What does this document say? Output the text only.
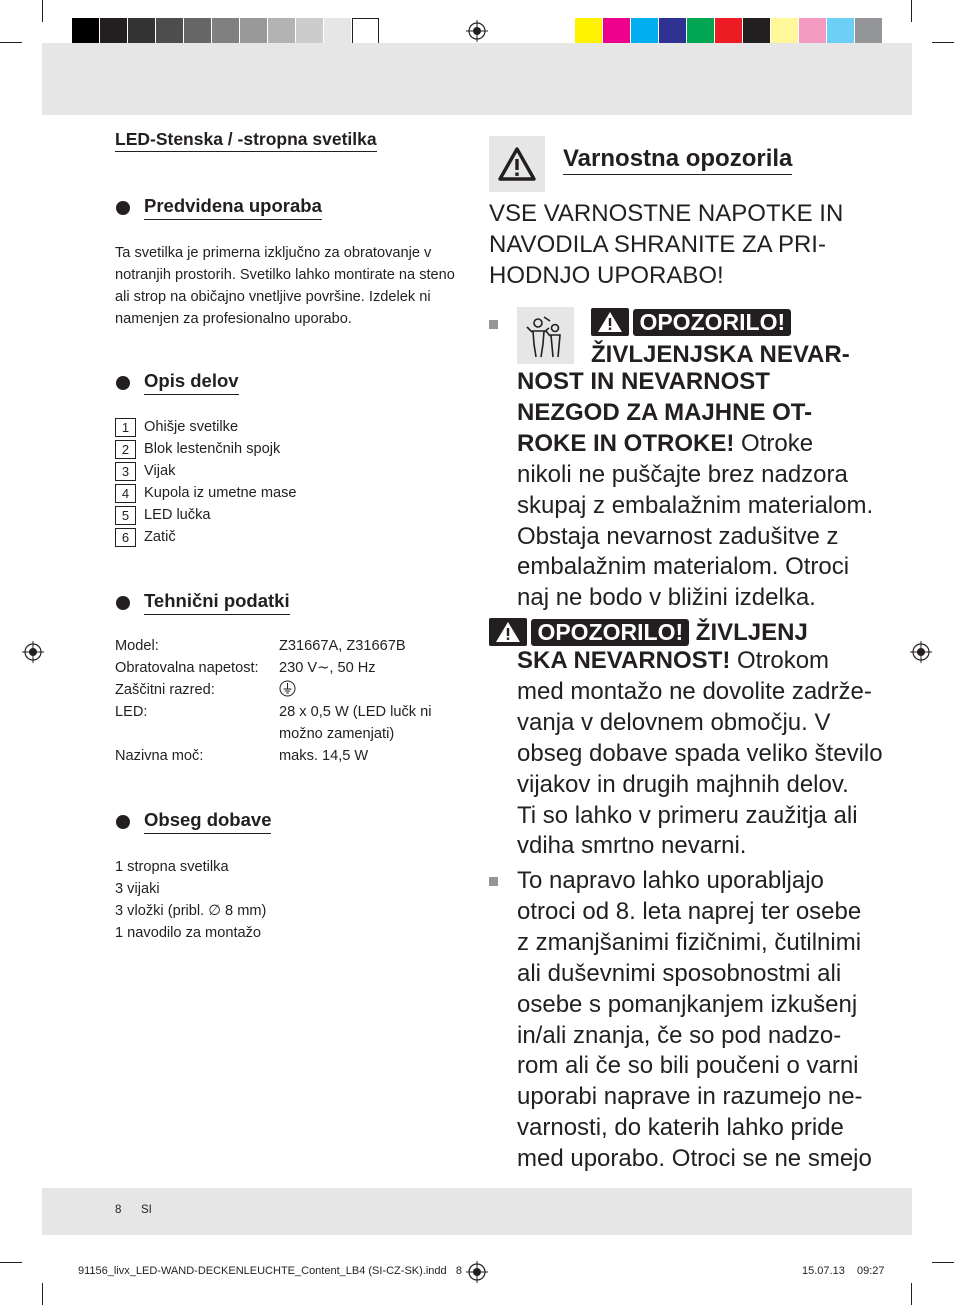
LED-Stenska / -stropna svetilka
Predvidena uporaba
Ta svetilka je primerna izključno za obratovanje v
notranjih prostorih. Svetilko lahko montirate na steno
ali strop na običajno vnetljive površine. Izdelek ni
namenjen za profesionalno uporabo.
Opis delov
1	Ohišje svetilke
2	Blok lestenčnih spojk
3	Vijak
4	Kupola iz umetne mase
5	LED lučka
6	Zatič
Tehnični podatki
Model:	Z31667A, Z31667B
Obratovalna napetost: 230 V∼, 50 Hz
Zaščitni razred:
LED:	28 x 0,5 W (LED lučk ni
možno zamenjati)
Nazivna moč:	maks. 14,5 W
Obseg dobave
1 stropna svetilka
3 vijaki
3 vložki (pribl. ∅ 8 mm)
1 navodilo za montažo
Varnostna opozorila
VSE VARNOSTNE NAPOTKE IN
NAVODILA SHRANITE ZA PRI-
HODNJO UPORABO!
OPOZORILO!
ŽIVLJENJSKA NEVAR-
NOST IN NEVARNOST
NEZGOD ZA MAJHNE OT-
ROKE IN OTROKE! Otroke
nikoli ne puščajte brez nadzora
skupaj z embalažnim materialom.
Obstaja nevarnost zadušitve z
embalažnim materialom. Otroci
naj ne bodo v bližini izdelka.
OPOZORILO! ŽIVLJENJ
SKA NEVARNOST! Otrokom
med montažo ne dovolite zadrže-
vanja v delovnem območju. V
obseg dobave spada veliko število
vijakov in drugih majhnih delov.
Ti so lahko v primeru zaužitja ali
vdiha smrtno nevarni.
To napravo lahko uporabljajo
otroci od 8. leta naprej ter osebe
z zmanjšanimi fizičnimi, čutilnimi
ali duševnimi sposobnostmi ali
osebe s pomanjkanjem izkušenj
in/ali znanja, če so pod nadzo-
rom ali če so bili poučeni o varni
uporabi naprave in razumejo ne-
varnosti, do katerih lahko pride
med uporabo. Otroci se ne smejo
8 SI
91156_livx_LED-WAND-DECKENLEUCHTE_Content_LB4 (SI-CZ-SK).indd 8	15.07.13 09:27
